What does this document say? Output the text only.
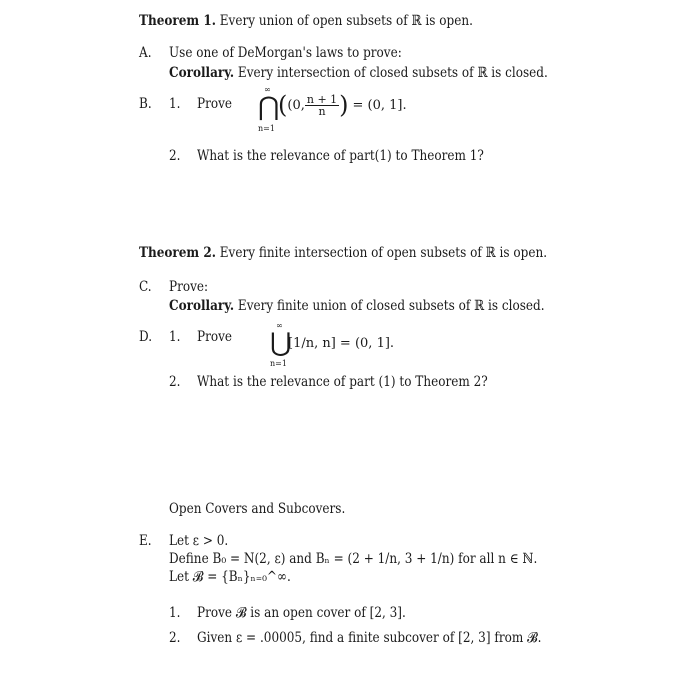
Theorem 1. Every union of open subsets of ℝ is open.
A. Use one of DeMorgan's laws to prove:
Corollary. Every intersection of closed subsets of ℝ is closed.
B. 1. Prove
∞
⋂
n=1
( (0, $\frac{n + 1}{n}$ ) = (0, 1].
2. What is the relevance of part(1) to Theorem 1?
Theorem 2. Every finite intersection of open subsets of ℝ is open.
C. Prove:
Corollary. Every finite union of closed subsets of ℝ is closed.
D. 1. Prove
∞
⋃
n=1
[1/n, n] = (0, 1].
2. What is the relevance of part (1) to Theorem 2?
Open Covers and Subcovers.
E. Let ε > 0.
Define B₀ = N(2, ε) and Bₙ = (2 + 1/n, 3 + 1/n) for all n ∈ ℕ.
Let 𝓑 = {Bₙ}ₙ₌₀^∞.
1. Prove 𝓑 is an open cover of [2, 3].
2. Given ε = .00005, find a finite subcover of [2, 3] from 𝓑.
